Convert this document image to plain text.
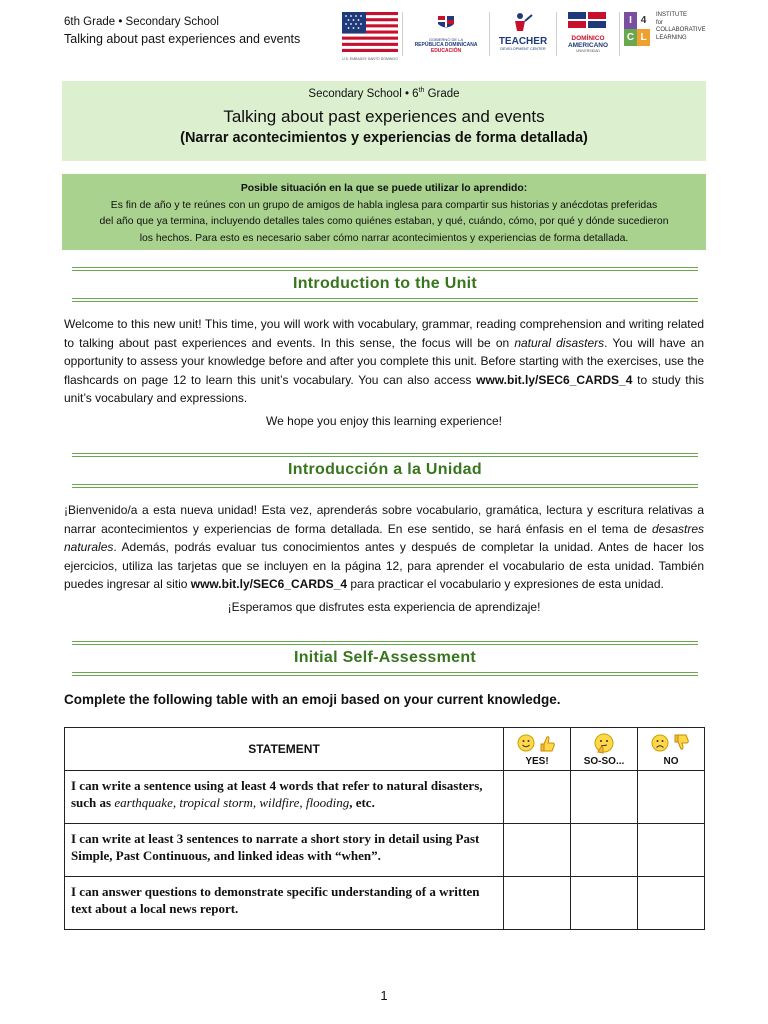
6th Grade • Secondary School
Talking about past experiences and events
U.S. EMBASSY SANTO DOMINGO
GOBIERNO DE LA
REPÚBLICA DOMINICANA
EDUCACIÓN
TEACHER
DEVELOPMENT CENTER
DOMÍNICO
AMERICANO
UNIVERSIDAD
I 4
C L
INSTITUTE
for
COLLABORATIVE
LEARNING
Secondary School • 6th Grade
Talking about past experiences and events
(Narrar acontecimientos y experiencias de forma detallada)
Posible situación en la que se puede utilizar lo aprendido:
Es fin de año y te reúnes con un grupo de amigos de habla inglesa para compartir sus historias y anécdotas preferidas
del año que ya termina, incluyendo detalles tales como quiénes estaban, y qué, cuándo, cómo, por qué y dónde sucedieron
los hechos. Para esto es necesario saber cómo narrar acontecimientos y experiencias de forma detallada.
Introduction to the Unit
Welcome to this new unit! This time, you will work with vocabulary, grammar, reading comprehension and writing related to talking about past experiences and events. In this sense, the focus will be on natural disasters. You will have an opportunity to assess your knowledge before and after you complete this unit. Before starting with the exercises, use the flashcards on page 12 to learn this unit’s vocabulary. You can also access www.bit.ly/SEC6_CARDS_4 to study this unit’s vocabulary and expressions.
We hope you enjoy this learning experience!
Introducción a la Unidad
¡Bienvenido/a a esta nueva unidad! Esta vez, aprenderás sobre vocabulario, gramática, lectura y escritura relativas a narrar acontecimientos y experiencias de forma detallada. En ese sentido, se hará énfasis en el tema de desastres naturales. Además, podrás evaluar tus conocimientos antes y después de completar la unidad. Antes de hacer los ejercicios, utiliza las tarjetas que se incluyen en la página 12, para aprender el vocabulario de esta unidad. También puedes ingresar al sitio www.bit.ly/SEC6_CARDS_4 para practicar el vocabulario y expresiones de esta unidad.
¡Esperamos que disfrutes esta experiencia de aprendizaje!
Initial Self-Assessment
Complete the following table with an emoji based on your current knowledge.
STATEMENT	YES!	SO-SO...	NO

I can write a sentence using at least 4 words that refer to natural disasters, such as earthquake, tropical storm, wildfire, flooding, etc.			
I can write at least 3 sentences to narrate a short story in detail using Past Simple, Past Continuous, and linked ideas with “when”.			
I can answer questions to demonstrate specific understanding of a written text about a local news report.			
1
